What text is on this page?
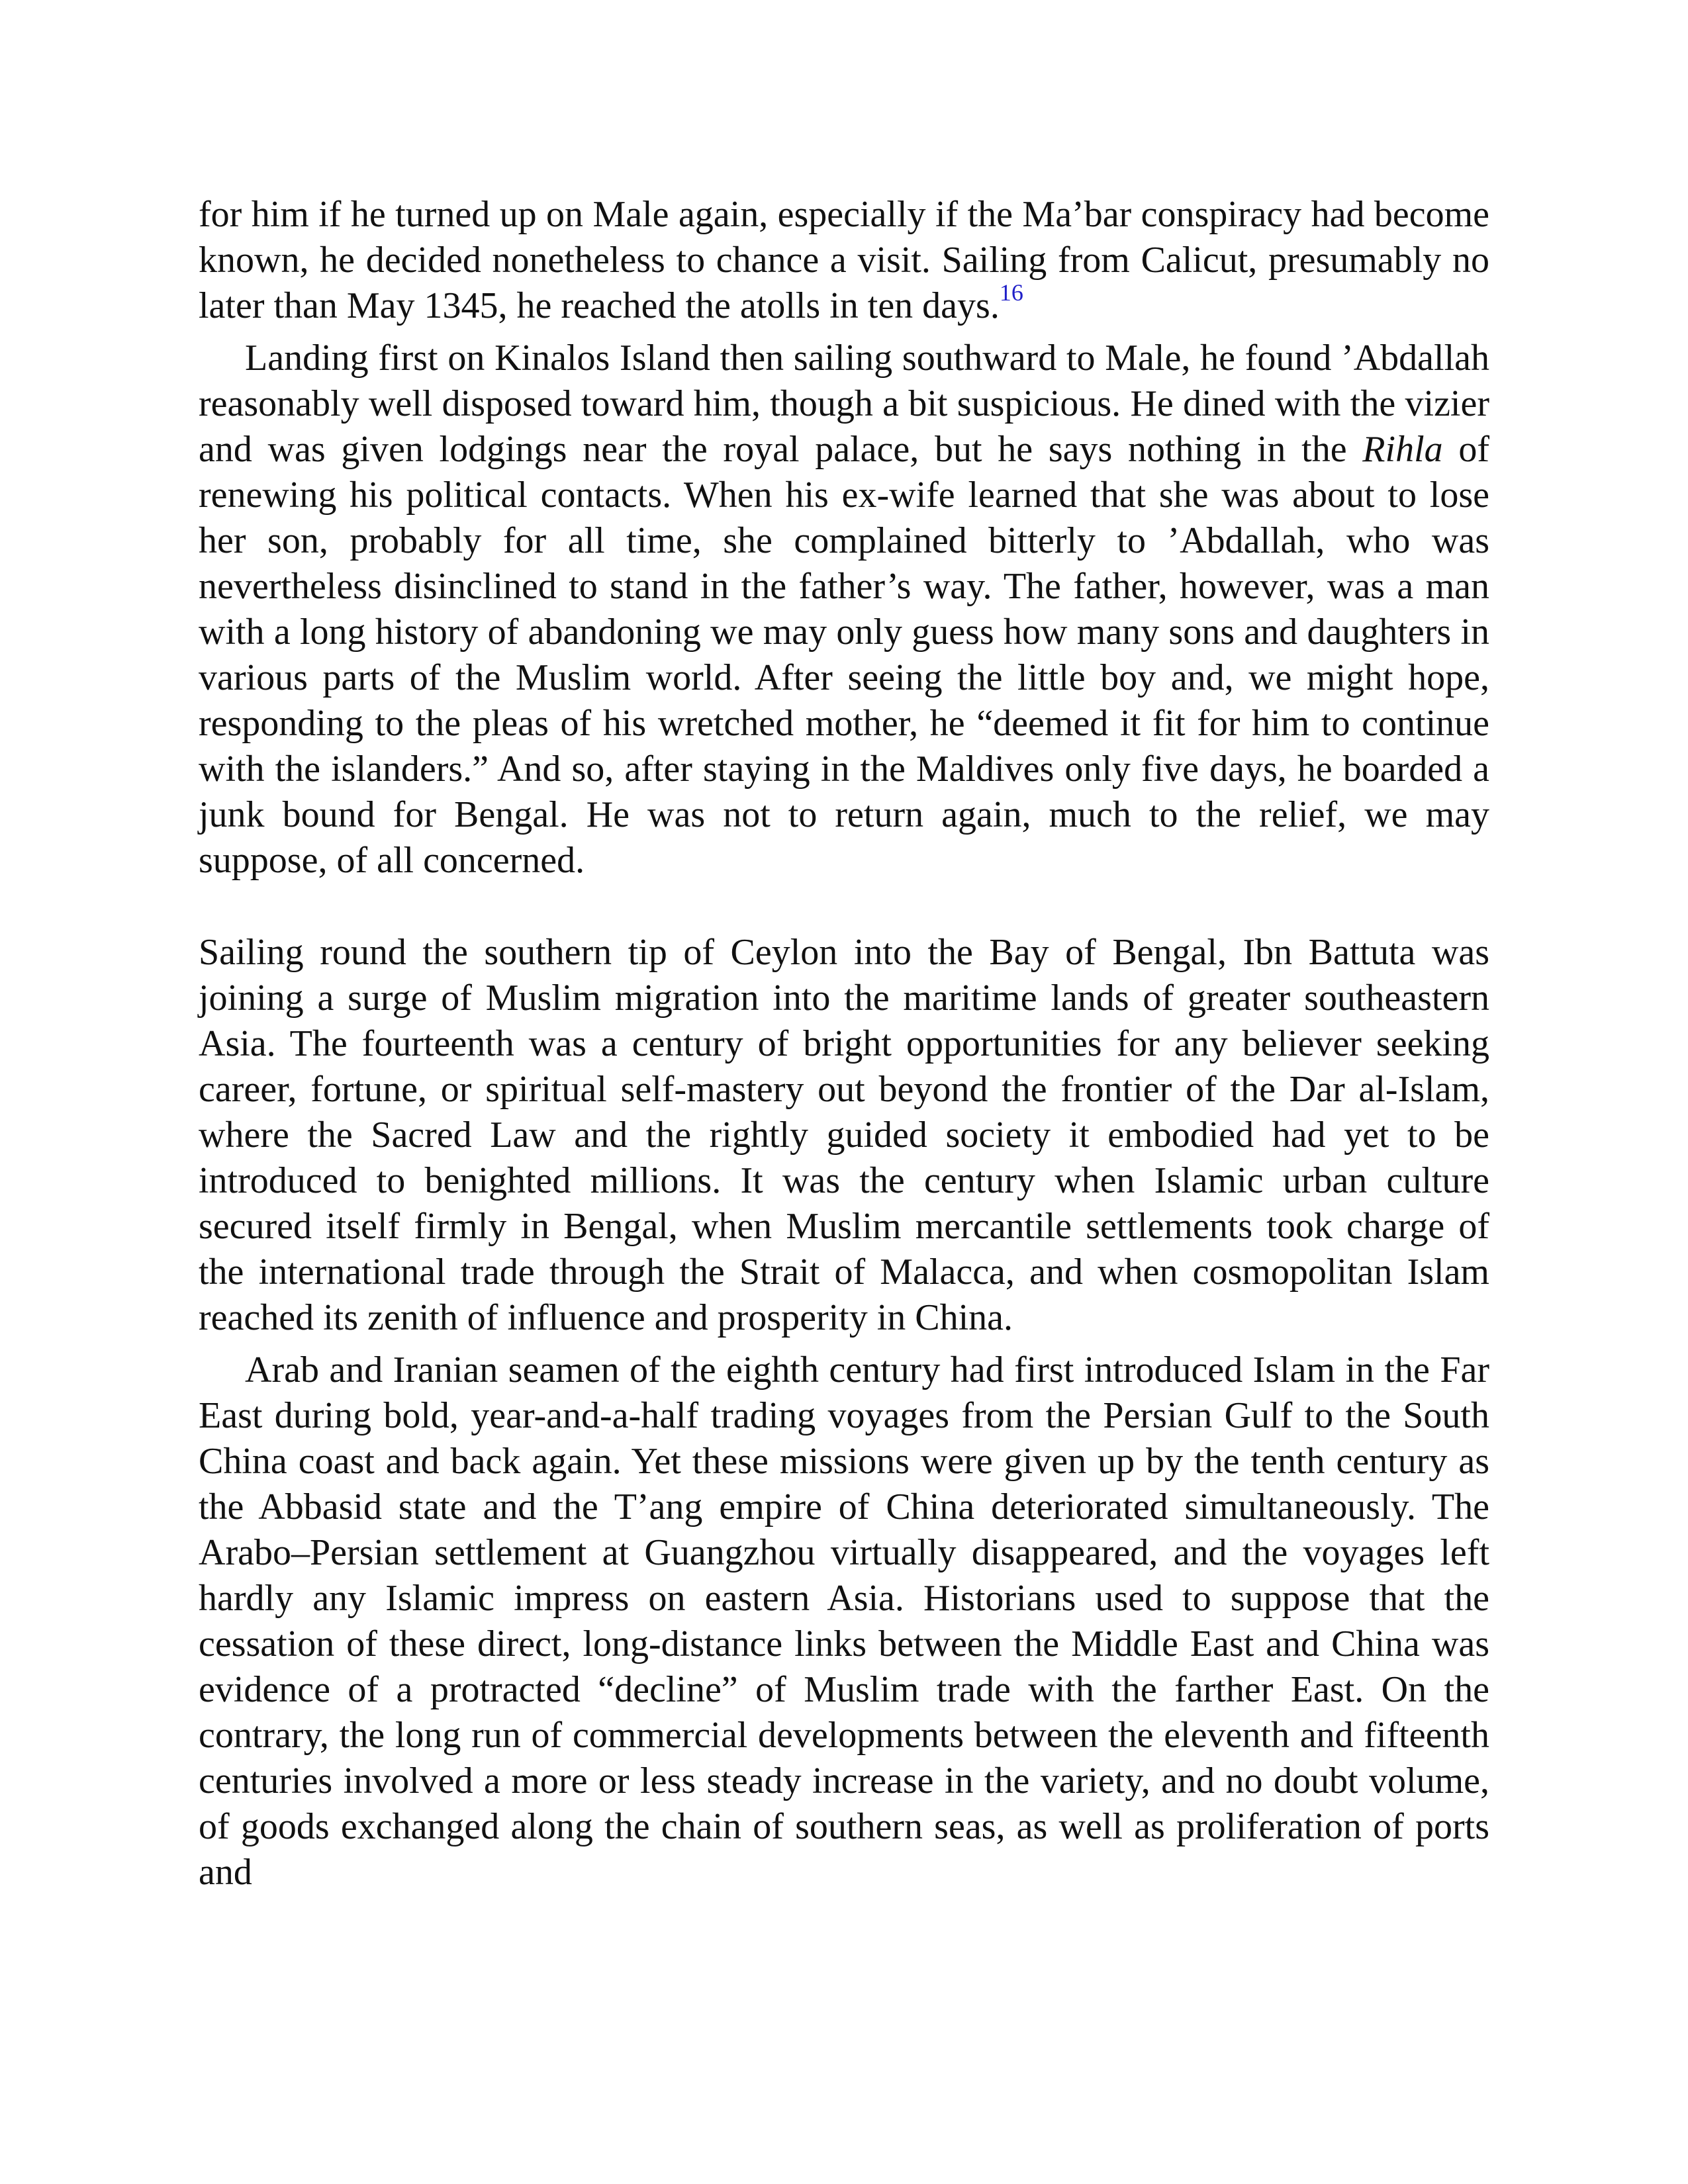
for him if he turned up on Male again, especially if the Ma’bar conspiracy had become known, he decided nonetheless to chance a visit. Sailing from Calicut, presumably no later than May 1345, he reached the atolls in ten days.$^{16}$

Landing first on Kinalos Island then sailing southward to Male, he found ’Abdallah reasonably well disposed toward him, though a bit suspicious. He dined with the vizier and was given lodgings near the royal palace, but he says nothing in the Rihla of renewing his political contacts. When his ex-wife learned that she was about to lose her son, probably for all time, she complained bitterly to ’Abdallah, who was nevertheless disinclined to stand in the father’s way. The father, however, was a man with a long history of abandoning we may only guess how many sons and daughters in various parts of the Muslim world. After seeing the little boy and, we might hope, responding to the pleas of his wretched mother, he “deemed it fit for him to continue with the islanders.” And so, after staying in the Maldives only five days, he boarded a junk bound for Bengal. He was not to return again, much to the relief, we may suppose, of all concerned.

Sailing round the southern tip of Ceylon into the Bay of Bengal, Ibn Battuta was joining a surge of Muslim migration into the maritime lands of greater southeastern Asia. The fourteenth was a century of bright opportunities for any believer seeking career, fortune, or spiritual self-mastery out beyond the frontier of the Dar al-Islam, where the Sacred Law and the rightly guided society it embodied had yet to be introduced to benighted millions. It was the century when Islamic urban culture secured itself firmly in Bengal, when Muslim mercantile settlements took charge of the international trade through the Strait of Malacca, and when cosmopolitan Islam reached its zenith of influence and prosperity in China.

Arab and Iranian seamen of the eighth century had first introduced Islam in the Far East during bold, year-and-a-half trading voyages from the Persian Gulf to the South China coast and back again. Yet these missions were given up by the tenth century as the Abbasid state and the T’ang empire of China deteriorated simultaneously. The Arabo–Persian settlement at Guangzhou virtually disappeared, and the voyages left hardly any Islamic impress on eastern Asia. Historians used to suppose that the cessation of these direct, long-distance links between the Middle East and China was evidence of a protracted “decline” of Muslim trade with the farther East. On the contrary, the long run of commercial developments between the eleventh and fifteenth centuries involved a more or less steady increase in the variety, and no doubt volume, of goods exchanged along the chain of southern seas, as well as proliferation of ports and
